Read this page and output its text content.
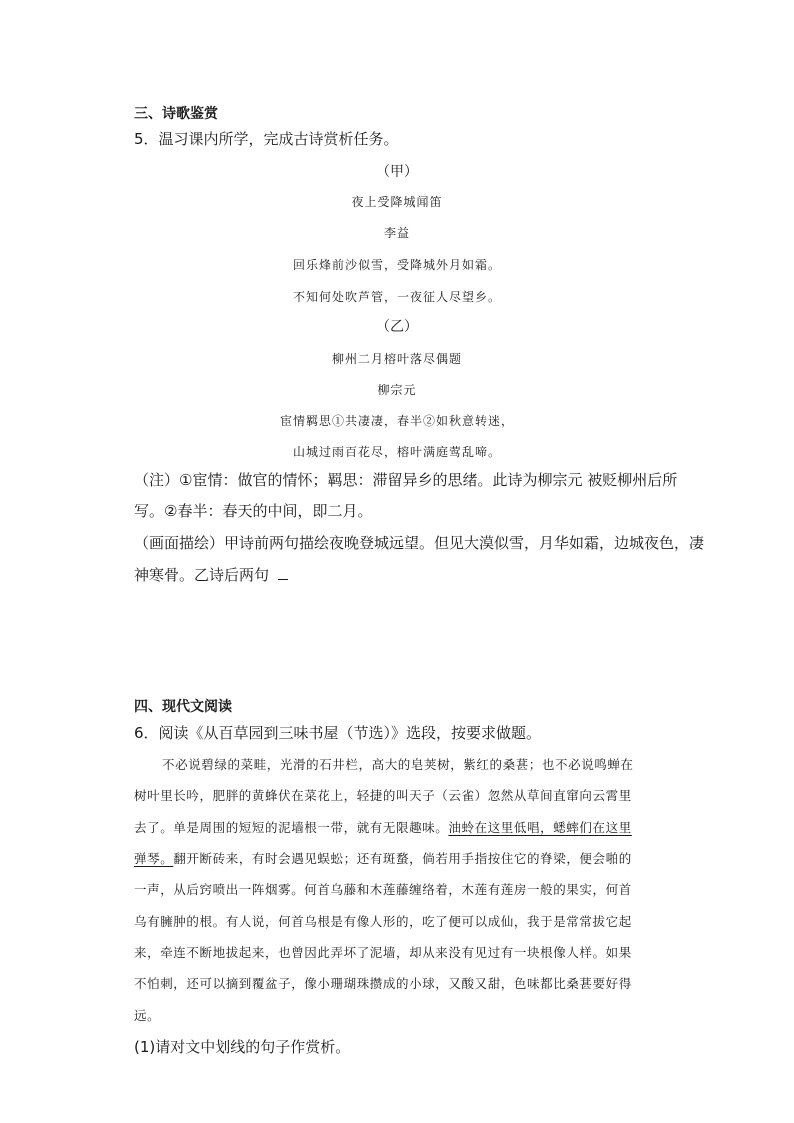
三、诗歌鉴赏
5．温习课内所学，完成古诗赏析任务。
（甲）
夜上受降城闻笛
李益
回乐烽前沙似雪，受降城外月如霜。
不知何处吹芦管，一夜征人尽望乡。
（乙）
柳州二月榕叶落尽偶题
柳宗元
宦情羁思①共凄凄，春半②如秋意转迷，
山城过雨百花尽，榕叶满庭莺乱啼。
（注）①宦情：做官的情怀；羁思：滞留异乡的思绪。此诗为柳宗元 被贬柳州后所
写。②春半：春天的中间，即二月。
（画面描绘）甲诗前两句描绘夜晚登城远望。但见大漠似雪，月华如霜，边城夜色，凄
神寒骨。乙诗后两句
四、现代文阅读
6．阅读《从百草园到三味书屋（节选）》选段，按要求做题。
不必说碧绿的菜畦，光滑的石井栏，高大的皂荚树，紫红的桑葚；也不必说鸣蝉在
树叶里长吟，肥胖的黄蜂伏在菜花上，轻捷的叫天子（云雀）忽然从草间直窜向云霄里
去了。单是周围的短短的泥墙根一带，就有无限趣味。油蛉在这里低唱，蟋蟀们在这里
弹琴。翻开断砖来，有时会遇见蜈蚣；还有斑蝥，倘若用手指按住它的脊梁，便会啪的
一声，从后窍喷出一阵烟雾。何首乌藤和木莲藤缠络着，木莲有莲房一般的果实，何首
乌有臃肿的根。有人说，何首乌根是有像人形的，吃了便可以成仙，我于是常常拔它起
来，牵连不断地拔起来，也曾因此弄坏了泥墙，却从来没有见过有一块根像人样。如果
不怕刺，还可以摘到覆盆子，像小珊瑚珠攒成的小球，又酸又甜，色味都比桑葚要好得
远。
(1)请对文中划线的句子作赏析。
